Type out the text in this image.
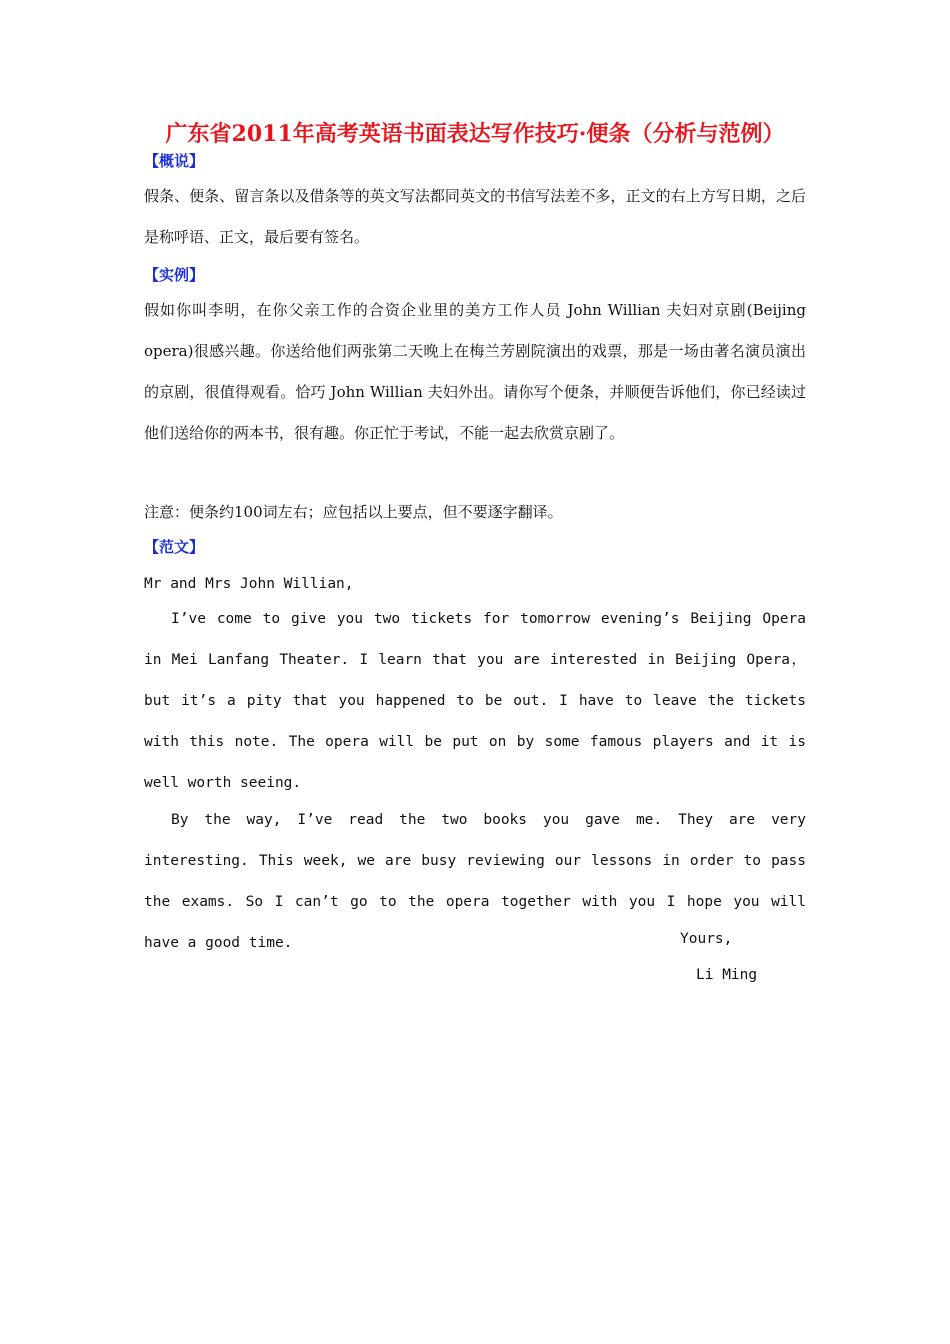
广东省2011年高考英语书面表达写作技巧·便条（分析与范例）
【概说】
假条、便条、留言条以及借条等的英文写法都同英文的书信写法差不多，正文的右上方写日期，之后是称呼语、正文，最后要有签名。
【实例】
假如你叫李明，在你父亲工作的合资企业里的美方工作人员 John Willian 夫妇对京剧(Beijing opera)很感兴趣。你送给他们两张第二天晚上在梅兰芳剧院演出的戏票，那是一场由著名演员演出的京剧，很值得观看。恰巧 John Willian 夫妇外出。请你写个便条，并顺便告诉他们，你已经读过他们送给你的两本书，很有趣。你正忙于考试，不能一起去欣赏京剧了。
注意：便条约100词左右；应包括以上要点，但不要逐字翻译。
【范文】
Mr and Mrs John Willian,
I’ve come to give you two tickets for tomorrow evening’s Beijing Opera in Mei Lanfang Theater. I learn that you are interested in Beijing Opera，but it’s a pity that you happened to be out. I have to leave the tickets with this note. The opera will be put on by some famous players and it is well worth seeing.
By the way, I’ve read the two books you gave me. They are very interesting. This week, we are busy reviewing our lessons in order to pass the exams. So I can’t go to the opera together with you I hope you will have a good time.	Yours,
Li Ming
